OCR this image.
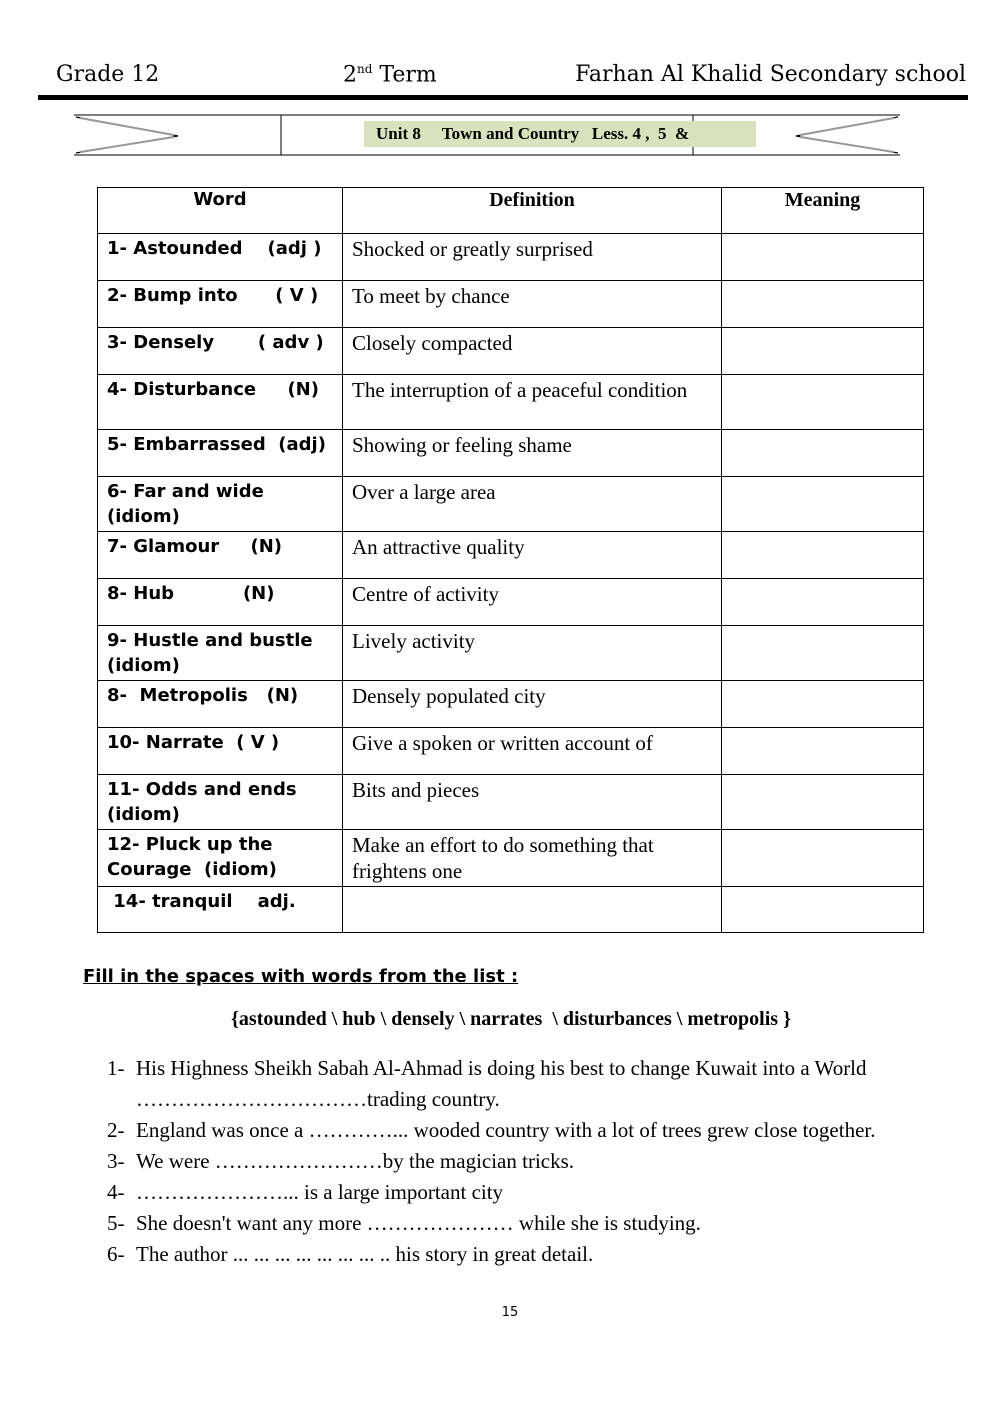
Grade 12	2nd Term	Farhan Al Khalid Secondary school
Unit 8     Town and Country   Less. 4 ,  5  &
Word	Definition	Meaning
1- Astounded    (adj )	Shocked or greatly surprised	
2- Bump into      ( V )	To meet by chance	
3- Densely       ( adv )	Closely compacted	
4- Disturbance     (N)	The interruption of a peaceful condition	
5- Embarrassed  (adj)	Showing or feeling shame	
6- Far and wide (idiom)	Over a large area	
7- Glamour     (N)	An attractive quality	
8- Hub           (N)	Centre of activity	
9- Hustle and bustle (idiom)	Lively activity	
8-  Metropolis   (N)	Densely populated city	
10- Narrate  ( V )	Give a spoken or written account of	
11- Odds and ends (idiom)	Bits and pieces	
12- Pluck up the Courage  (idiom)	Make an effort to do something that frightens one	
14- tranquil    adj.		
Fill in the spaces with words from the list :
{astounded \ hub \ densely \ narrates  \ disturbances \ metropolis }
1- His Highness Sheikh Sabah Al-Ahmad is doing his best to change Kuwait into a World ……………………………trading country.
2- England was once a …………... wooded country with a lot of trees grew close together.
3- We were ……………………by the magician tricks.
4- …………………... is a large important city
5- She doesn't want any more ………………… while she is studying.
6- The author ... ... ... ... ... ... ... .. his story in great detail.
15
